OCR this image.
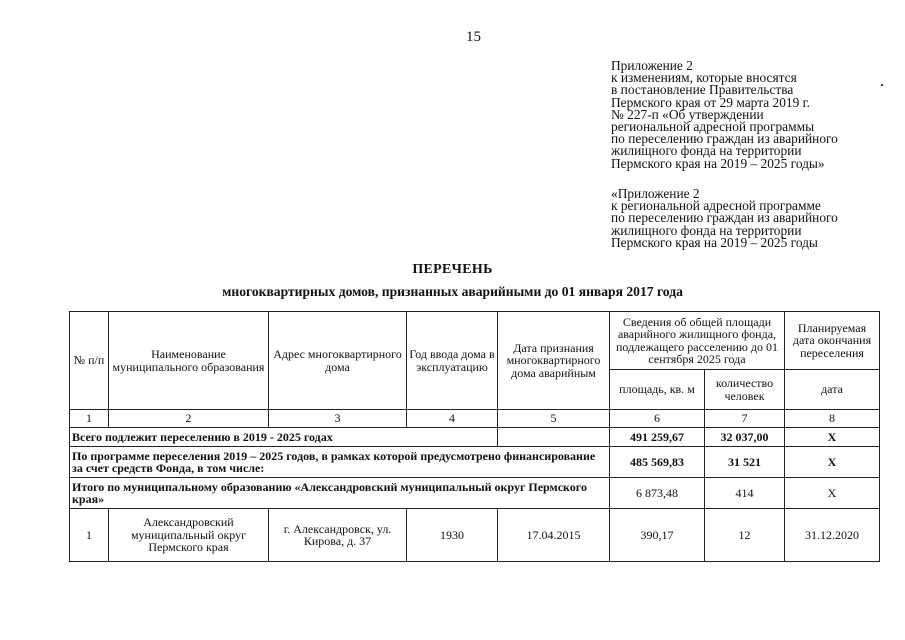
15
Приложение 2
к изменениям, которые вносятся
в постановление Правительства
Пермского края от 29 марта 2019 г.
№ 227-п «Об утверждении
региональной адресной программы
по переселению граждан из аварийного
жилищного фонда на территории
Пермского края на 2019 – 2025 годы»
«Приложение 2
к региональной адресной программе
по переселению граждан из аварийного
жилищного фонда на территории
Пермского края на 2019 – 2025 годы
ПЕРЕЧЕНЬ
многоквартирных домов, признанных аварийными до 01 января 2017 года
№ п/п	Наименование муниципального образования	Адрес многоквартирного дома	Год ввода дома в эксплуатацию	Дата признания многоквартирного дома аварийным	Сведения об общей площади аварийного жилищного фонда, подлежащего расселению до 01 сентября 2025 года		Планируемая дата окончания переселения
					площадь, кв. м	количество человек	дата
1	2	3	4	5	6	7	8
Всего подлежит переселению в 2019 - 2025 годах					491 259,67	32 037,00	Х
По программе переселения 2019 – 2025 годов, в рамках которой предусмотрено финансирование за счет средств Фонда, в том числе:					485 569,83	31 521	Х
Итого по муниципальному образованию «Александровский муниципальный округ Пермского края»					6 873,48	414	Х
1	Александровский муниципальный округ Пермского края	г. Александровск, ул. Кирова, д. 37	1930	17.04.2015	390,17	12	31.12.2020
